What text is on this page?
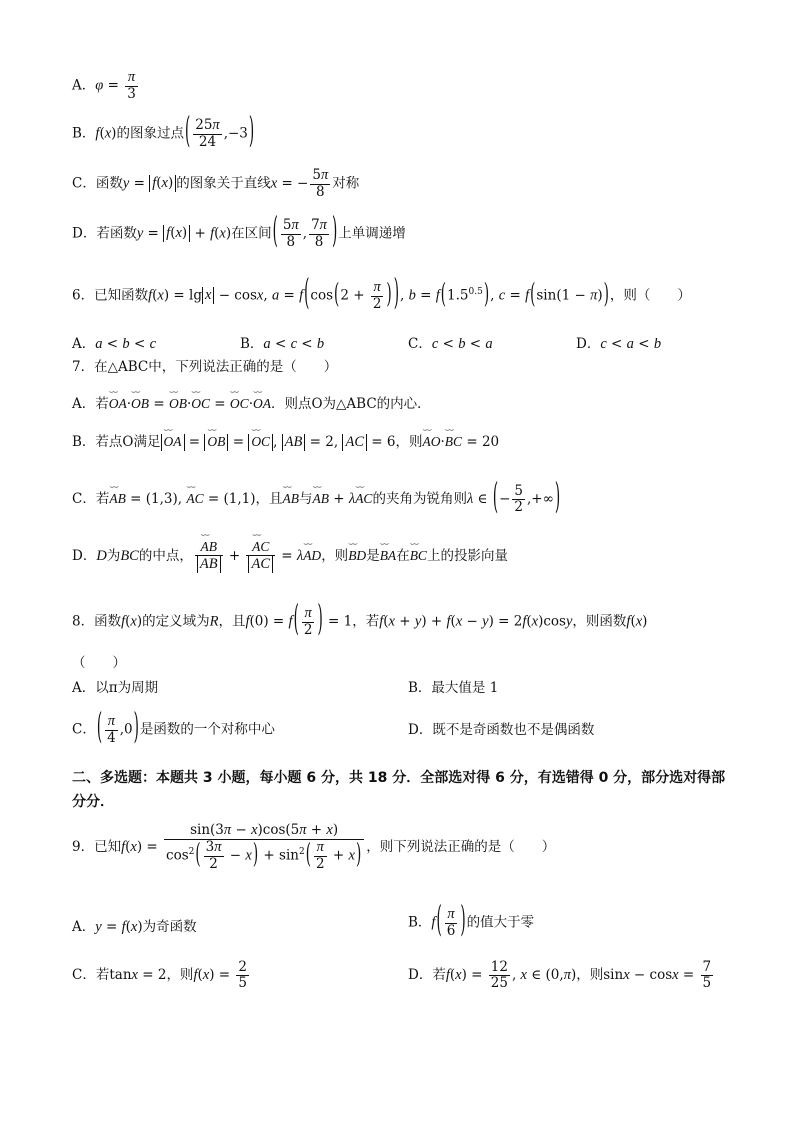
A．$\varphi = \frac{\pi}{3}$
B．f(x)的图象过点( $\frac{25\pi}{24} ,-3$)
C．函数y = f(x) 的图象关于直线x = − $\frac{5\pi}{8}$ 对称
D．若函数y = f(x) + f(x)在区间( $\frac{5\pi}{8}$ , $\frac{7\pi}{8}$ )上单调递增
6．已知函数f(x) = lg x − cosx, $a = f(\cos(2 + \frac{\pi}{2}$ ) ), $b = f(1.5^{0.5})$, c = f(sin(1 − π))，则（　　）
A．a < b < c	B．a < c < b	C．c < b < a	D．c < a < b
7．在△ABC中，下列说法正确的是（　　）
A．若⌣⌣ OA·⌣⌣ OB = ⌣⌣ OB·⌣⌣ OC = ⌣⌣ OC·⌣⌣ OA．则点O为△ABC的内心．
B．若点O满足 ⌣⌣ OA = ⌣⌣ OB = ⌣⌣ OC , AB = 2, AC = 6，则⌣⌣ AO·⌣⌣ BC = 20
C．若⌣⌣ AB = (1,3), ⌣⌣ AC = (1,1)，且⌣⌣ AB与⌣⌣ AB + λ⌣⌣ AC的夹角为锐角则λ ∈ (− $\frac{5}{2}$ ,+∞)
D．D为BC的中点， ⌣⌣ $\frac{AB}{AB}$ + ⌣⌣ $\frac{AC}{AC}$ = λ⌣⌣ AD，则⌣⌣ BD是⌣⌣ BA在⌣⌣ BC上的投影向量
8．函数f(x)的定义域为R，且$f(0) = f( \frac{\pi}{2}$ ) = 1，若f(x + y) + f(x − y) = 2f(x)cosy，则函数f(x)
（　　）
A．以π为周期	B．最大值是 1
C．( $\frac{\pi}{4} ,0$)是函数的一个对称中心	D．既不是奇函数也不是偶函数
二、多选题：本题共 3 小题，每小题 6 分，共 18 分．全部选对得 6 分，有选错得 0 分，部分选对得部分分．
9．已知$f(x) = \frac{\sin(3\pi - x)\cos(5\pi + x)}{\cos^2( \frac{3\pi}{2} - x) + \sin^2( \frac{\pi}{2} + x)}$ ，则下列说法正确的是（　　）
A．y = f(x)为奇函数	B．$f( \frac{\pi}{6}$ )的值大于零
C．若tanx = 2，则$f(x) = \frac{2}{5}$	D．若$f(x) = \frac{12}{25}$ , x ∈ (0,π)，则$\sin x - \cos x = \frac{7}{5}$
